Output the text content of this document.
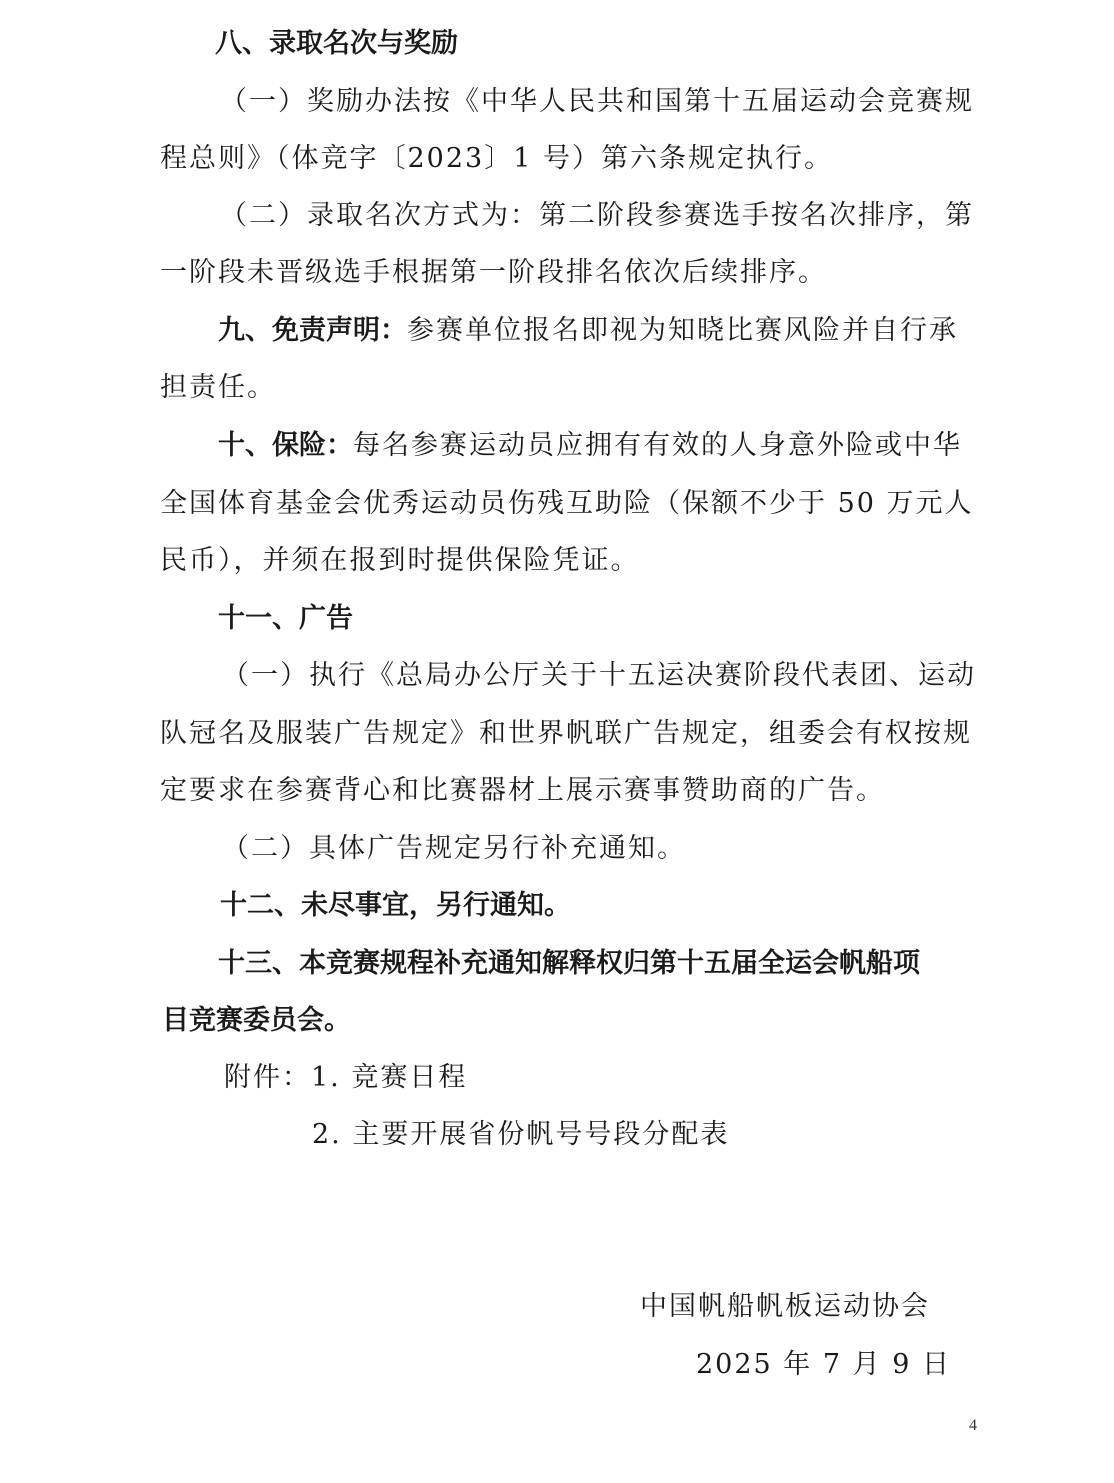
八、录取名次与奖励
（一）奖励办法按《中华人民共和国第十五届运动会竞赛规
程总则》（体竞字〔2023〕1 号）第六条规定执行。
（二）录取名次方式为：第二阶段参赛选手按名次排序，第
一阶段未晋级选手根据第一阶段排名依次后续排序。
九、免责声明：参赛单位报名即视为知晓比赛风险并自行承
担责任。
十、保险：每名参赛运动员应拥有有效的人身意外险或中华
全国体育基金会优秀运动员伤残互助险（保额不少于 50 万元人
民币），并须在报到时提供保险凭证。
十一、广告
（一）执行《总局办公厅关于十五运决赛阶段代表团、运动
队冠名及服装广告规定》和世界帆联广告规定，组委会有权按规
定要求在参赛背心和比赛器材上展示赛事赞助商的广告。
（二）具体广告规定另行补充通知。
十二、未尽事宜，另行通知。
十三、本竞赛规程补充通知解释权归第十五届全运会帆船项
目竞赛委员会。
附件：1. 竞赛日程
2. 主要开展省份帆号号段分配表
中国帆船帆板运动协会
2025 年 7 月 9 日
4
